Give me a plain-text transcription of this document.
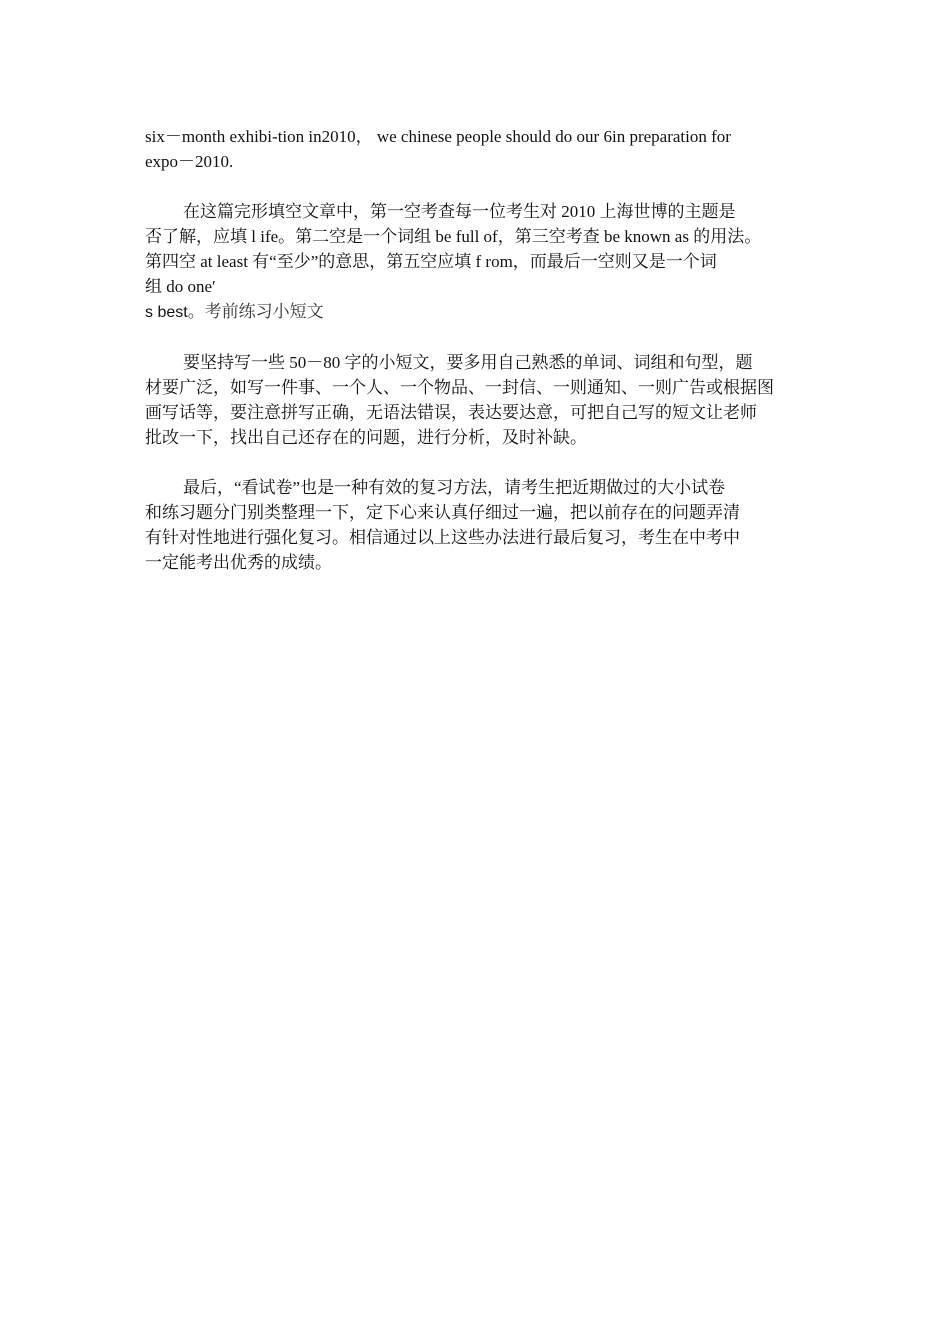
six－month exhibi-tion in2010， we chinese people should do our 6in preparation for
expo－2010.

在这篇完形填空文章中，第一空考查每一位考生对 2010 上海世博的主题是
否了解，应填 l ife。第二空是一个词组 be full of，第三空考查 be known as 的用法。
第四空 at least 有“至少”的意思，第五空应填 f rom，而最后一空则又是一个词
组 do one′
s best。考前练习小短文

要坚持写一些 50－80 字的小短文，要多用自己熟悉的单词、词组和句型，题
材要广泛，如写一件事、一个人、一个物品、一封信、一则通知、一则广告或根据图
画写话等，要注意拼写正确，无语法错误，表达要达意，可把自己写的短文让老师
批改一下，找出自己还存在的问题，进行分析，及时补缺。

最后，“看试卷”也是一种有效的复习方法，请考生把近期做过的大小试卷
和练习题分门别类整理一下，定下心来认真仔细过一遍，把以前存在的问题弄清
有针对性地进行强化复习。相信通过以上这些办法进行最后复习，考生在中考中
一定能考出优秀的成绩。
